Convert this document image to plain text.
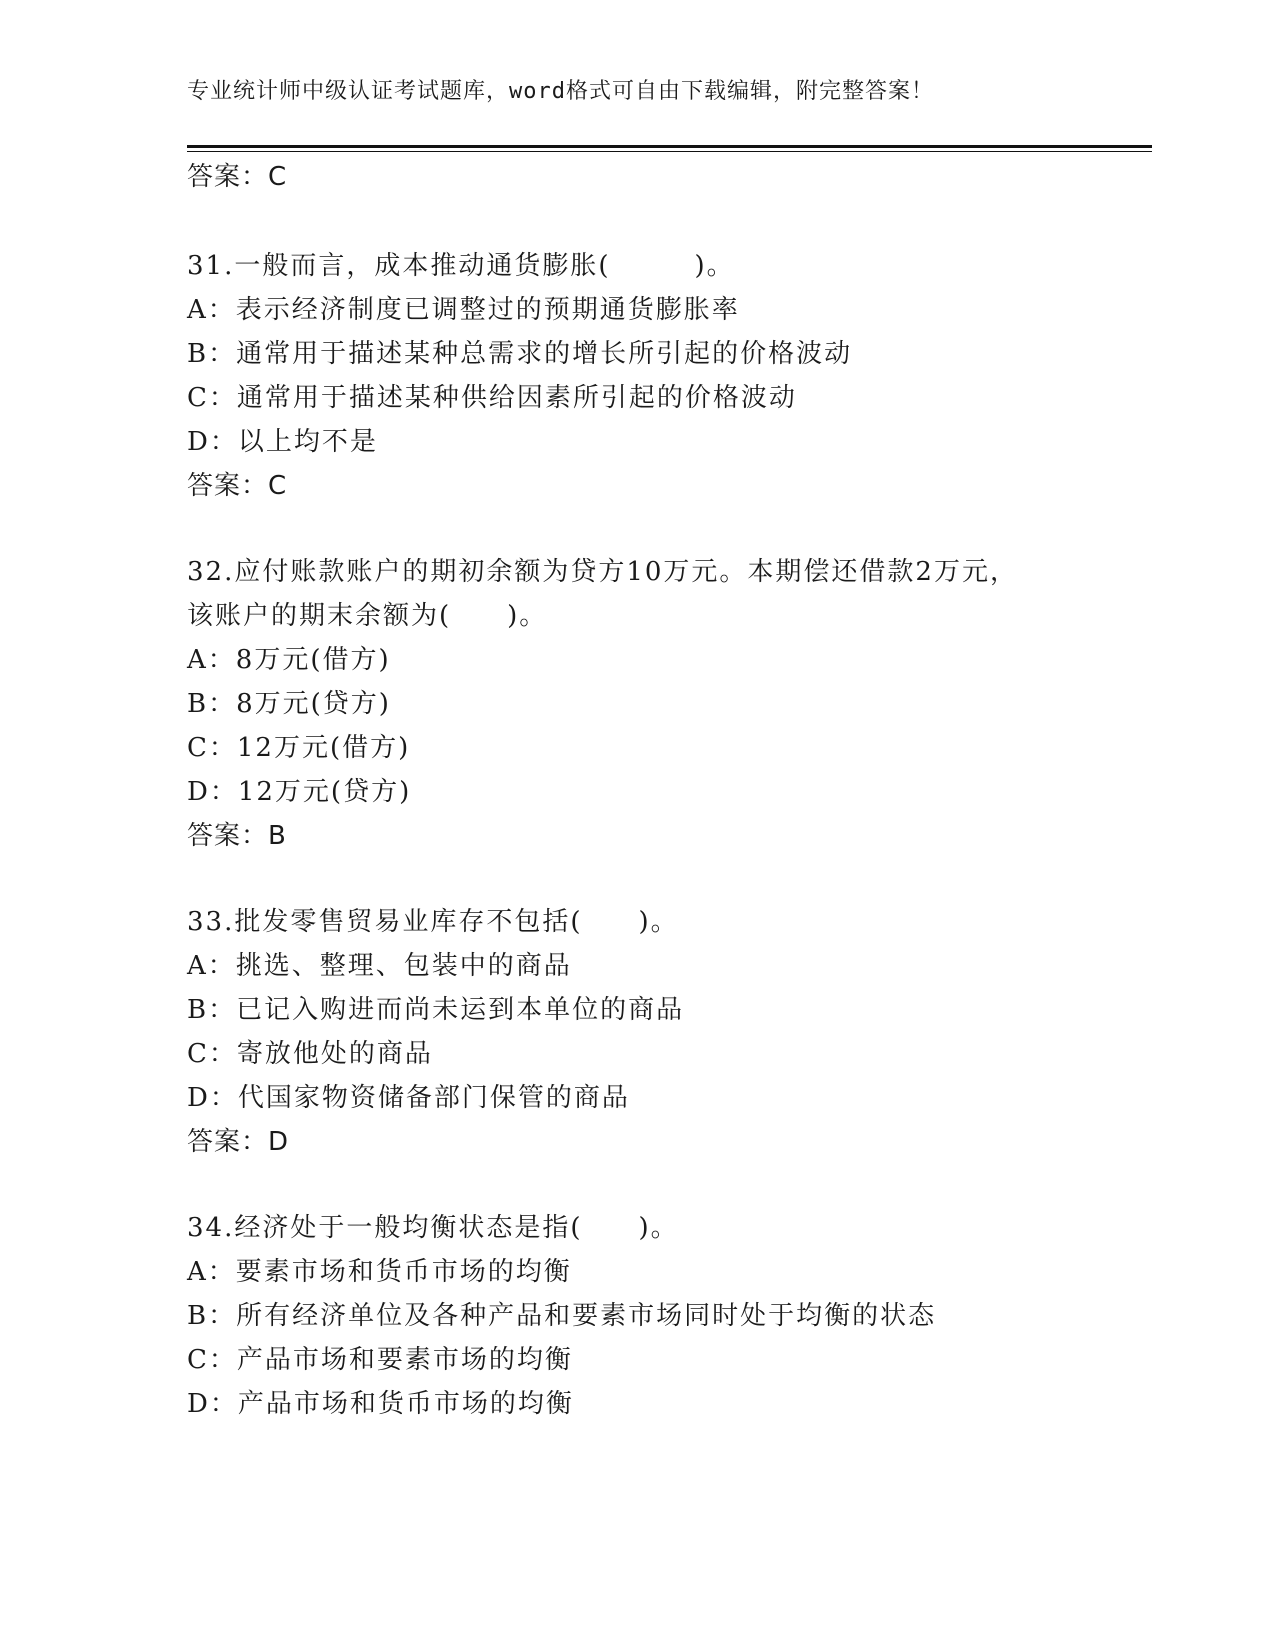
专业统计师中级认证考试题库，word格式可自由下载编辑，附完整答案！
答案：C
31.一般而言，成本推动通货膨胀(　　　)。
A：表示经济制度已调整过的预期通货膨胀率
B：通常用于描述某种总需求的增长所引起的价格波动
C：通常用于描述某种供给因素所引起的价格波动
D：以上均不是
答案：C
32.应付账款账户的期初余额为贷方10万元。本期偿还借款2万元，
该账户的期末余额为(　　)。
A：8万元(借方)
B：8万元(贷方)
C：12万元(借方)
D：12万元(贷方)
答案：B
33.批发零售贸易业库存不包括(　　)。
A：挑选、整理、包装中的商品
B：已记入购进而尚未运到本单位的商品
C：寄放他处的商品
D：代国家物资储备部门保管的商品
答案：D
34.经济处于一般均衡状态是指(　　)。
A：要素市场和货币市场的均衡
B：所有经济单位及各种产品和要素市场同时处于均衡的状态
C：产品市场和要素市场的均衡
D：产品市场和货币市场的均衡
